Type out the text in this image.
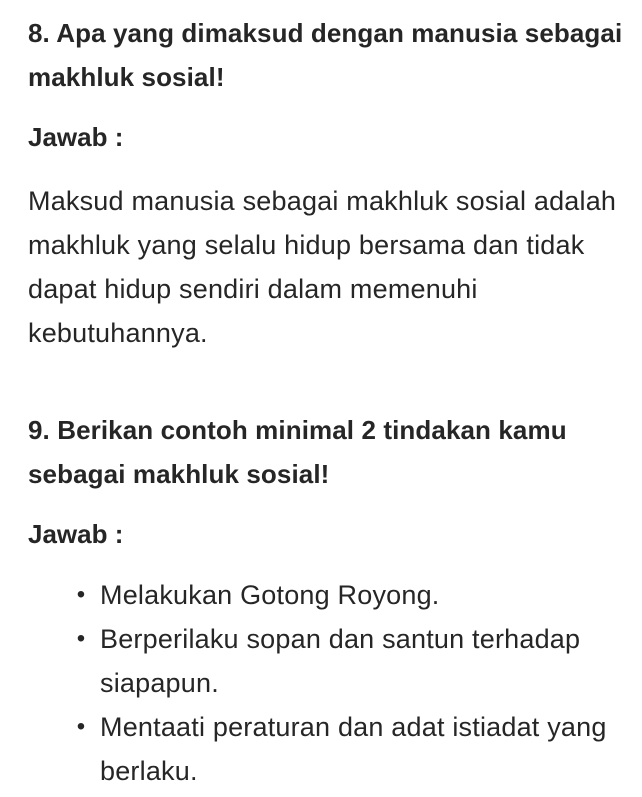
8. Apa yang dimaksud dengan manusia sebagai makhluk sosial!

Jawab :

Maksud manusia sebagai makhluk sosial adalah makhluk yang selalu hidup bersama dan tidak dapat hidup sendiri dalam memenuhi kebutuhannya.

9. Berikan contoh minimal 2 tindakan kamu sebagai makhluk sosial!

Jawab :

• Melakukan Gotong Royong.
• Berperilaku sopan dan santun terhadap siapapun.
• Mentaati peraturan dan adat istiadat yang berlaku.
